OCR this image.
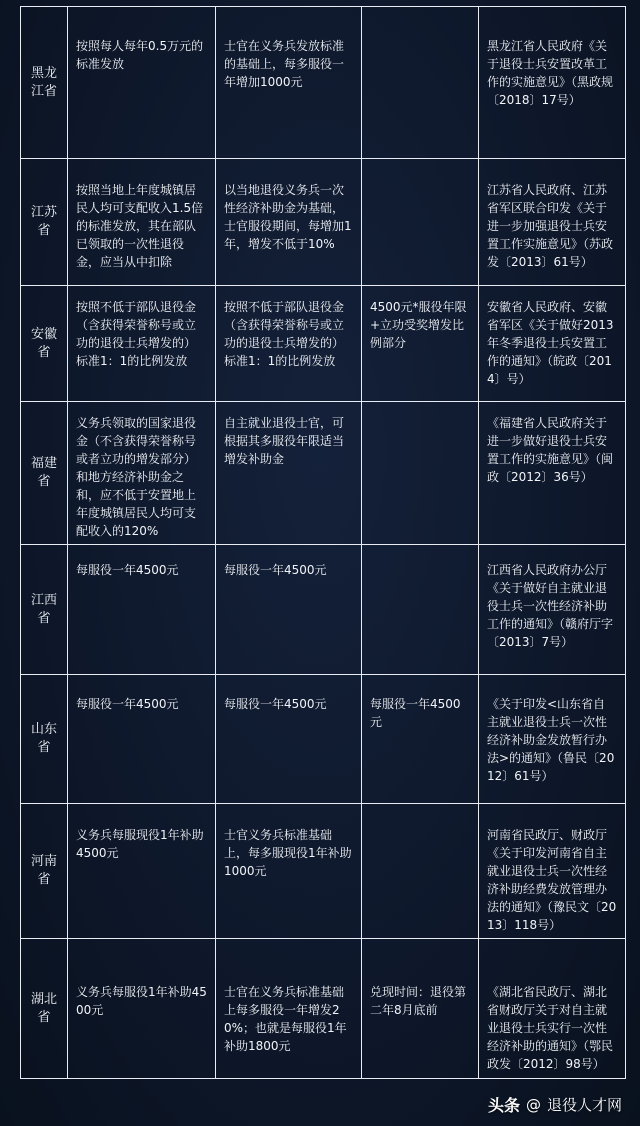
黑龙江省	按照每人每年0.5万元的标准发放	士官在义务兵发放标准的基础上，每多服役一年增加1000元		黑龙江省人民政府《关于退役士兵安置改革工作的实施意见》（黑政规〔2018〕17号）
江苏省	按照当地上年度城镇居民人均可支配收入1.5倍的标准发放，其在部队已领取的一次性退役金，应当从中扣除	以当地退役义务兵一次性经济补助金为基础，士官服役期间，每增加1年，增发不低于10%		江苏省人民政府、江苏省军区联合印发《关于进一步加强退役士兵安置工作实施意见》（苏政发〔2013〕61号）
安徽省	按照不低于部队退役金（含获得荣誉称号或立功的退役士兵增发的）标准1：1的比例发放	按照不低于部队退役金（含获得荣誉称号或立功的退役士兵增发的）标准1：1的比例发放	4500元*服役年限+立功受奖增发比例部分	安徽省人民政府、安徽省军区《关于做好2013年冬季退役士兵安置工作的通知》（皖政〔2014〕号）
福建省	义务兵领取的国家退役金（不含获得荣誉称号或者立功的增发部分）和地方经济补助金之和，应不低于安置地上年度城镇居民人均可支配收入的120%	自主就业退役士官，可根据其多服役年限适当增发补助金		《福建省人民政府关于进一步做好退役士兵安置工作的实施意见》（闽政〔2012〕36号）
江西省	每服役一年4500元	每服役一年4500元		江西省人民政府办公厅《关于做好自主就业退役士兵一次性经济补助工作的通知》（赣府厅字〔2013〕7号）
山东省	每服役一年4500元	每服役一年4500元	每服役一年4500元	《关于印发<山东省自主就业退役士兵一次性经济补助金发放暂行办法>的通知》（鲁民〔2012〕61号）
河南省	义务兵每服现役1年补助4500元	士官义务兵标准基础上，每多服现役1年补助1000元		河南省民政厅、财政厅《关于印发河南省自主就业退役士兵一次性经济补助经费发放管理办法的通知》（豫民文〔2013〕118号）
湖北省	义务兵每服役1年补助4500元	士官在义务兵标准基础上每多服役一年增发20%；也就是每服役1年补助1800元	兑现时间：退役第二年8月底前	《湖北省民政厅、湖北省财政厅关于对自主就业退役士兵实行一次性经济补助的通知》（鄂民政发〔2012〕98号）
头条 @ 退役人才网
